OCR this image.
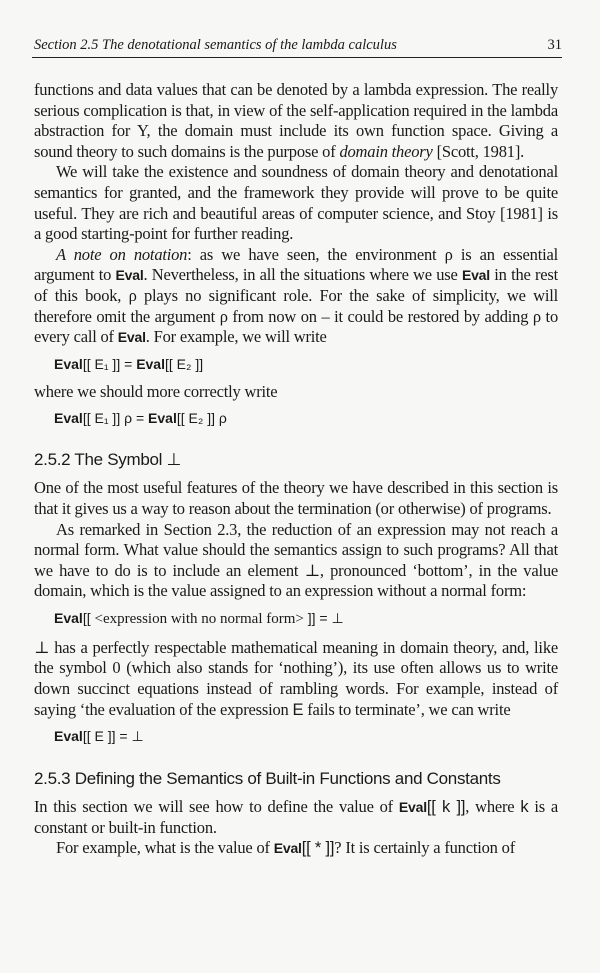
Section 2.5 The denotational semantics of the lambda calculus	31

functions and data values that can be denoted by a lambda expression. The really serious complication is that, in view of the self-application required in the lambda abstraction for Y, the domain must include its own function space. Giving a sound theory to such domains is the purpose of domain theory [Scott, 1981].

We will take the existence and soundness of domain theory and denotational semantics for granted, and the framework they provide will prove to be quite useful. They are rich and beautiful areas of computer science, and Stoy [1981] is a good starting-point for further reading.

A note on notation: as we have seen, the environment ρ is an essential argument to Eval. Nevertheless, in all the situations where we use Eval in the rest of this book, ρ plays no significant role. For the sake of simplicity, we will therefore omit the argument ρ from now on – it could be restored by adding ρ to every call of Eval. For example, we will write

Eval[[ E₁ ]] = Eval[[ E₂ ]]

where we should more correctly write

Eval[[ E₁ ]] ρ = Eval[[ E₂ ]] ρ
2.5.2 The Symbol ⊥

One of the most useful features of the theory we have described in this section is that it gives us a way to reason about the termination (or otherwise) of programs.

As remarked in Section 2.3, the reduction of an expression may not reach a normal form. What value should the semantics assign to such programs? All that we have to do is to include an element ⊥, pronounced ‘bottom’, in the value domain, which is the value assigned to an expression without a normal form:

Eval[[ <expression with no normal form> ]] = ⊥

⊥ has a perfectly respectable mathematical meaning in domain theory, and, like the symbol 0 (which also stands for ‘nothing’), its use often allows us to write down succinct equations instead of rambling words. For example, instead of saying ‘the evaluation of the expression E fails to terminate’, we can write

Eval[[ E ]] = ⊥
2.5.3 Defining the Semantics of Built-in Functions and Constants

In this section we will see how to define the value of Eval[[ k ]], where k is a constant or built-in function.

For example, what is the value of Eval[[ * ]]? It is certainly a function of
